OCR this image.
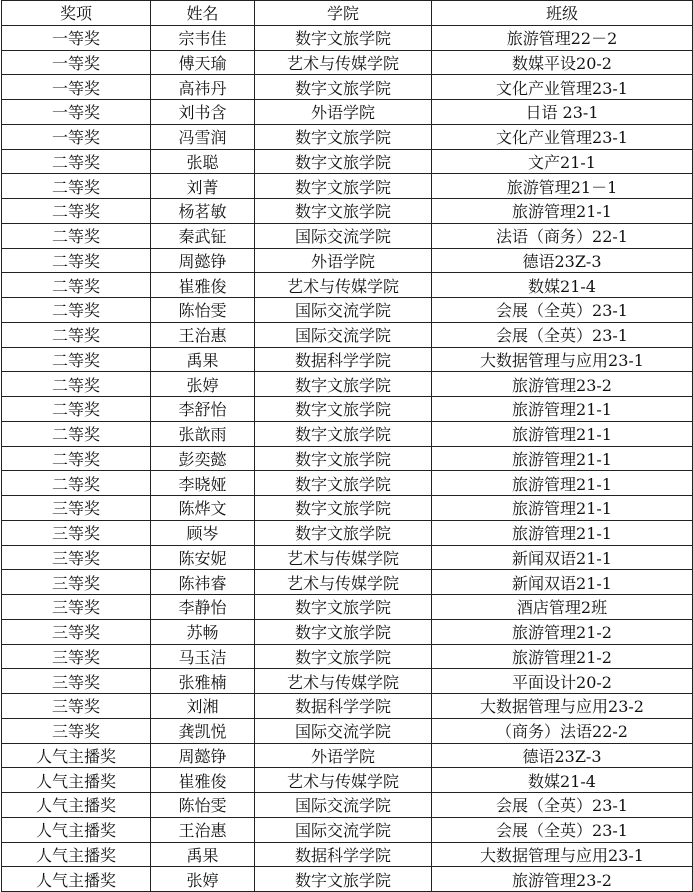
奖项	姓名	学院	班级
一等奖	宗韦佳	数字文旅学院	旅游管理22－2
一等奖	傅天瑜	艺术与传媒学院	数媒平设20-2
一等奖	高祎丹	数字文旅学院	文化产业管理23-1
一等奖	刘书含	外语学院	日语 23-1
一等奖	冯雪润	数字文旅学院	文化产业管理23-1
二等奖	张聪	数字文旅学院	文产21-1
二等奖	刘菁	数字文旅学院	旅游管理21－1
二等奖	杨茗敏	数字文旅学院	旅游管理21-1
二等奖	秦武钲	国际交流学院	法语（商务）22-1
二等奖	周懿铮	外语学院	德语23Z-3
二等奖	崔雅俊	艺术与传媒学院	数媒21-4
二等奖	陈怡雯	国际交流学院	会展（全英）23-1
二等奖	王治惠	国际交流学院	会展（全英）23-1
二等奖	禹果	数据科学学院	大数据管理与应用23-1
二等奖	张婷	数字文旅学院	旅游管理23-2
二等奖	李舒怡	数字文旅学院	旅游管理21-1
二等奖	张歆雨	数字文旅学院	旅游管理21-1
二等奖	彭奕懿	数字文旅学院	旅游管理21-1
二等奖	李晓娅	数字文旅学院	旅游管理21-1
三等奖	陈烨文	数字文旅学院	旅游管理21-1
三等奖	顾岑	数字文旅学院	旅游管理21-1
三等奖	陈安妮	艺术与传媒学院	新闻双语21-1
三等奖	陈祎睿	艺术与传媒学院	新闻双语21-1
三等奖	李静怡	数字文旅学院	酒店管理2班
三等奖	苏畅	数字文旅学院	旅游管理21-2
三等奖	马玉洁	数字文旅学院	旅游管理21-2
三等奖	张雅楠	艺术与传媒学院	平面设计20-2
三等奖	刘湘	数据科学学院	大数据管理与应用23-2
三等奖	龚凯悦	国际交流学院	（商务）法语22-2
人气主播奖	周懿铮	外语学院	德语23Z-3
人气主播奖	崔雅俊	艺术与传媒学院	数媒21-4
人气主播奖	陈怡雯	国际交流学院	会展（全英）23-1
人气主播奖	王治惠	国际交流学院	会展（全英）23-1
人气主播奖	禹果	数据科学学院	大数据管理与应用23-1
人气主播奖	张婷	数字文旅学院	旅游管理23-2
